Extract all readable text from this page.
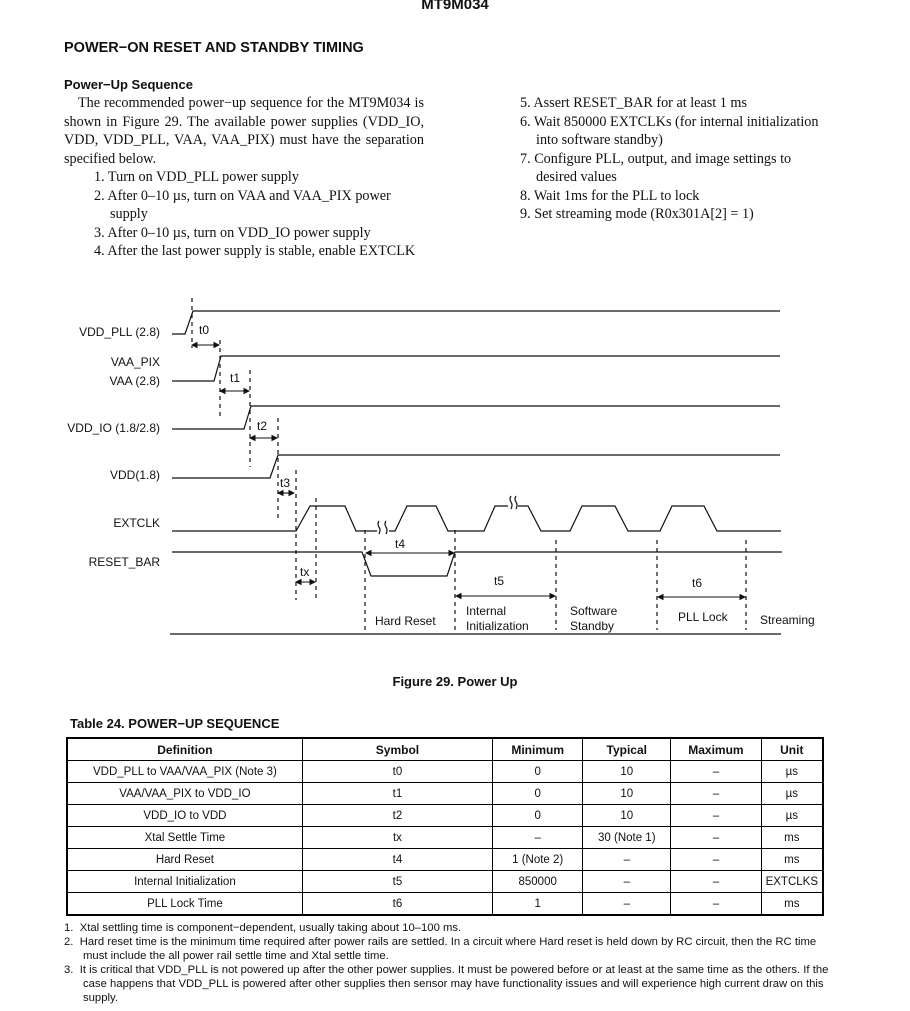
MT9M034
POWER−ON RESET AND STANDBY TIMING
Power−Up Sequence

The recommended power−up sequence for the MT9M034 is shown in Figure 29. The available power supplies (VDD_IO, VDD, VDD_PLL, VAA, VAA_PIX) must have the separation specified below.

1. Turn on VDD_PLL power supply
2. After 0–10 µs, turn on VAA and VAA_PIX power supply
3. After 0–10 µs, turn on VDD_IO power supply
4. After the last power supply is stable, enable EXTCLK
5. Assert RESET_BAR for at least 1 ms
6. Wait 850000 EXTCLKs (for internal initialization into software standby)
7. Configure PLL, output, and image settings to desired values
8. Wait 1ms for the PLL to lock
9. Set streaming mode (R0x301A[2] = 1)
VDD_PLL (2.8)
VAA_PIX
VAA (2.8)
VDD_IO (1.8/2.8)
VDD(1.8)
EXTCLK
RESET_BAR
t0
t1
t2
t3
tx
t4
t5	t6
Hard Reset
Internal
Initialization
Software
Standby
PLL Lock	Streaming
Figure 29. Power Up
Table 24. POWER−UP SEQUENCE
Definition	Symbol	Minimum	Typical	Maximum	Unit
VDD_PLL to VAA/VAA_PIX (Note 3)	t0	0	10	–	µs
VAA/VAA_PIX to VDD_IO	t1	0	10	–	µs
VDD_IO to VDD	t2	0	10	–	µs
Xtal Settle Time	tx	–	30 (Note 1)	–	ms
Hard Reset	t4	1 (Note 2)	–	–	ms
Internal Initialization	t5	850000	–	–	EXTCLKS
PLL Lock Time	t6	1	–	–	ms
1.  Xtal settling time is component−dependent, usually taking about 10–100 ms.
2.  Hard reset time is the minimum time required after power rails are settled. In a circuit where Hard reset is held down by RC circuit, then the RC time must include the all power rail settle time and Xtal settle time.
3.  It is critical that VDD_PLL is not powered up after the other power supplies. It must be powered before or at least at the same time as the others. If the case happens that VDD_PLL is powered after other supplies then sensor may have functionality issues and will experience high current draw on this supply.
